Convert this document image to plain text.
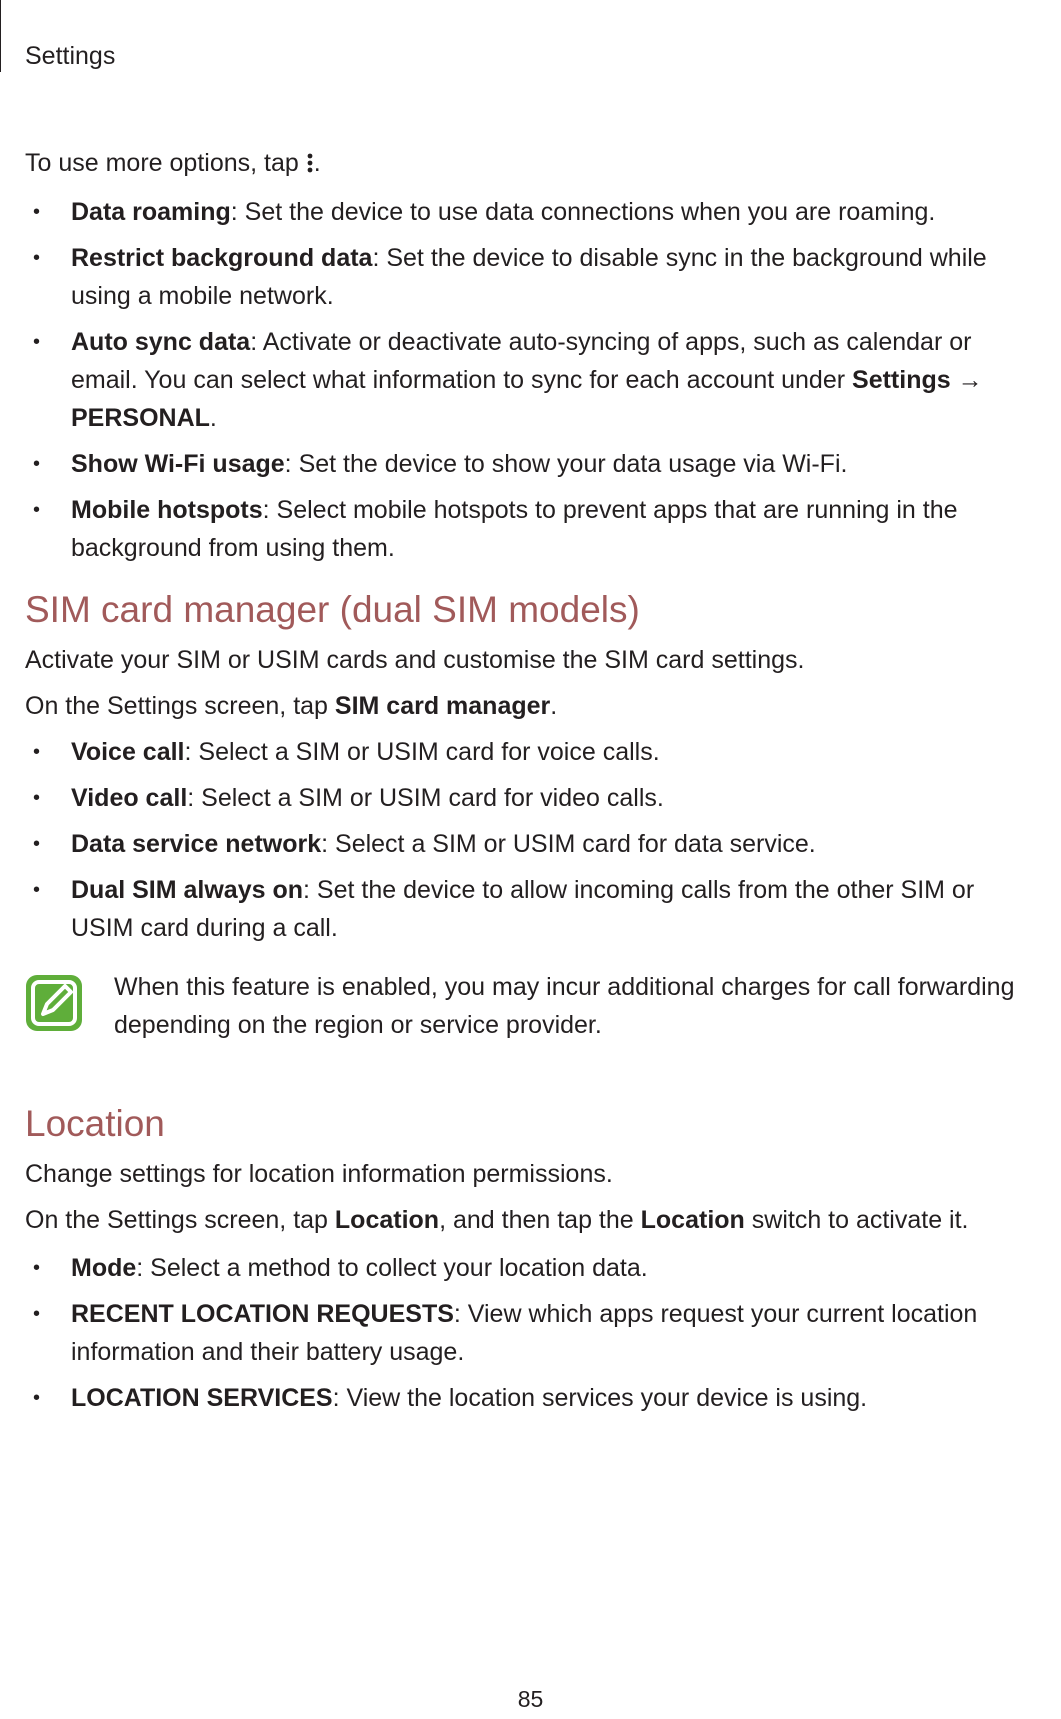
Settings

To use more options, tap .

• Data roaming: Set the device to use data connections when you are roaming.
• Restrict background data: Set the device to disable sync in the background while using a mobile network.
• Auto sync data: Activate or deactivate auto-syncing of apps, such as calendar or email. You can select what information to sync for each account under Settings → PERSONAL.
• Show Wi-Fi usage: Set the device to show your data usage via Wi-Fi.
• Mobile hotspots: Select mobile hotspots to prevent apps that are running in the background from using them.
SIM card manager (dual SIM models)

Activate your SIM or USIM cards and customise the SIM card settings.

On the Settings screen, tap SIM card manager.

• Voice call: Select a SIM or USIM card for voice calls.
• Video call: Select a SIM or USIM card for video calls.
• Data service network: Select a SIM or USIM card for data service.
• Dual SIM always on: Set the device to allow incoming calls from the other SIM or USIM card during a call.
When this feature is enabled, you may incur additional charges for call forwarding depending on the region or service provider.
Location

Change settings for location information permissions.

On the Settings screen, tap Location, and then tap the Location switch to activate it.

• Mode: Select a method to collect your location data.
• RECENT LOCATION REQUESTS: View which apps request your current location information and their battery usage.
• LOCATION SERVICES: View the location services your device is using.
85
